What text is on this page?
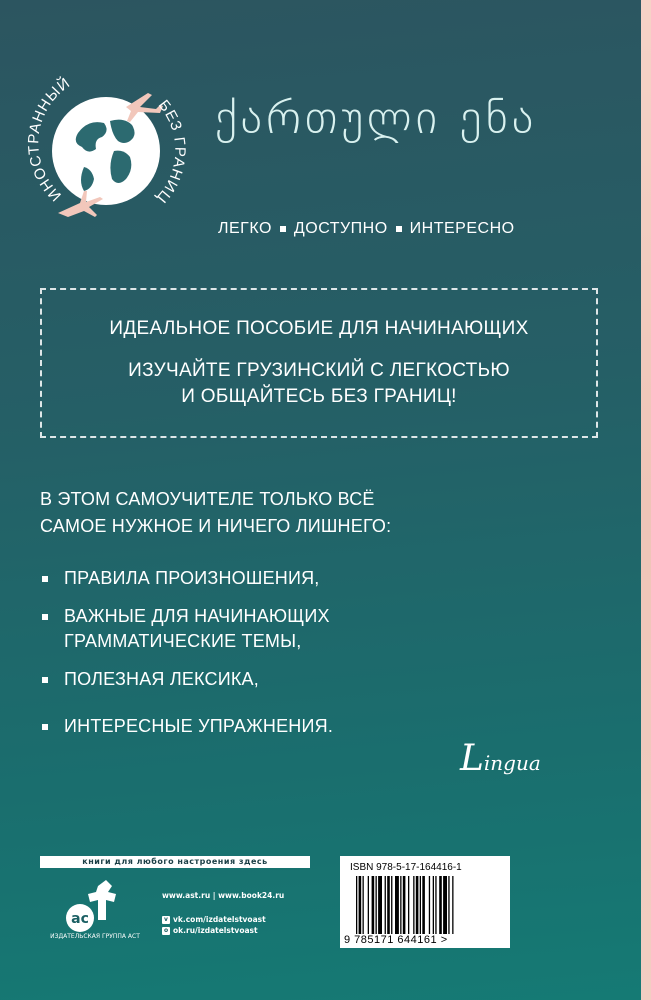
ИНОСТРАННЫЙ
БЕЗ ГРАНИЦ
ქართული ენა
ЛЕГКО ДОСТУПНО ИНТЕРЕСНО
ИДЕАЛЬНОЕ ПОСОБИЕ ДЛЯ НАЧИНАЮЩИХ
ИЗУЧАЙТЕ ГРУЗИНСКИЙ С ЛЕГКОСТЬЮ
И ОБЩАЙТЕСЬ БЕЗ ГРАНИЦ!
В ЭТОМ САМОУЧИТЕЛЕ ТОЛЬКО ВСЁ
САМОЕ НУЖНОЕ И НИЧЕГО ЛИШНЕГО:
ПРАВИЛА ПРОИЗНОШЕНИЯ,
ВАЖНЫЕ ДЛЯ НАЧИНАЮЩИХ
ГРАММАТИЧЕСКИЕ ТЕМЫ,
ПОЛЕЗНАЯ ЛЕКСИКА,
ИНТЕРЕСНЫЕ УПРАЖНЕНИЯ.
Lingua
книги для любого настроения здесь
ас
ИЗДАТЕЛЬСКАЯ ГРУППА АСТ
www.ast.ru | www.book24.ru
v vk.com/izdatelstvoast
o ok.ru/izdatelstvoast
ISBN 978-5-17-164416-1
9 785171 644161 >
